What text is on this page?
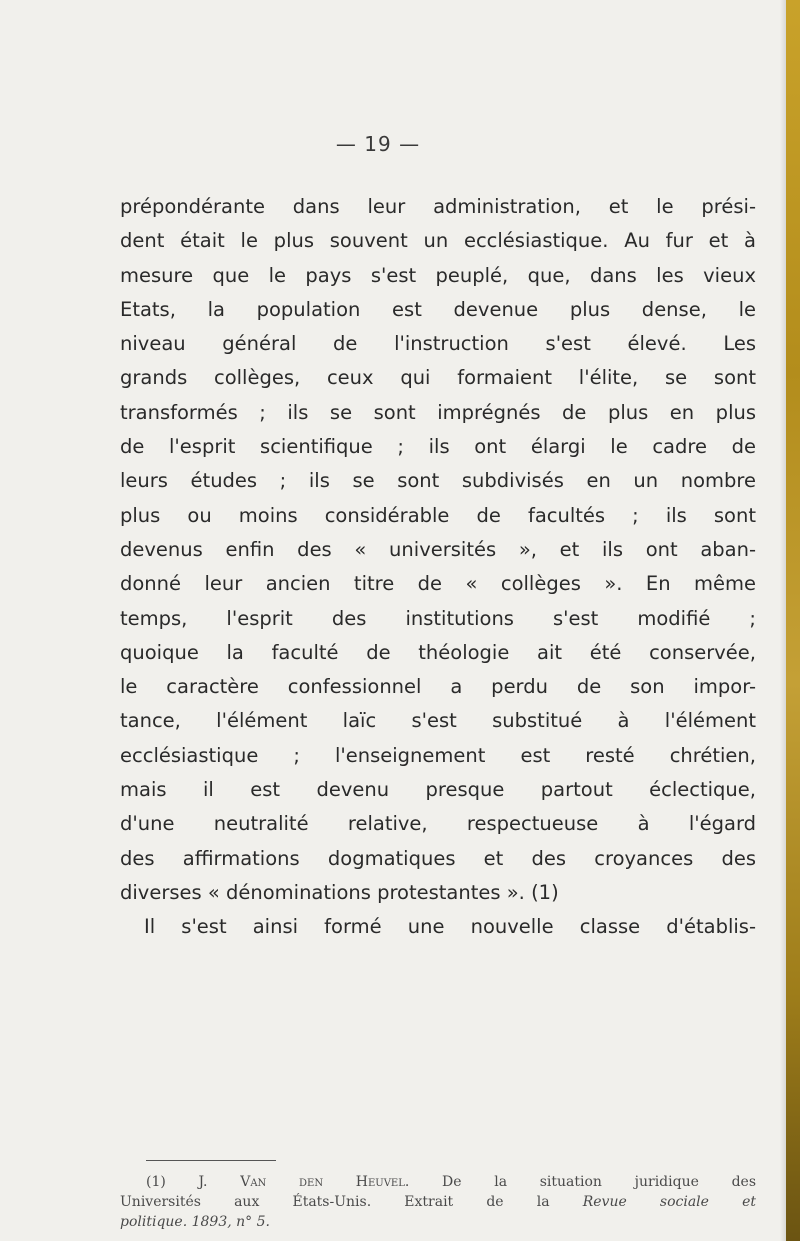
— 19 —
prépondérante dans leur administration, et le prési-
dent était le plus souvent un ecclésiastique. Au fur et à
mesure que le pays s'est peuplé, que, dans les vieux
Etats, la population est devenue plus dense, le
niveau général de l'instruction s'est élevé. Les
grands collèges, ceux qui formaient l'élite, se sont
transformés ; ils se sont imprégnés de plus en plus
de l'esprit scientifique ; ils ont élargi le cadre de
leurs études ; ils se sont subdivisés en un nombre
plus ou moins considérable de facultés ; ils sont
devenus enfin des « universités », et ils ont aban-
donné leur ancien titre de « collèges ». En même
temps, l'esprit des institutions s'est modifié ;
quoique la faculté de théologie ait été conservée,
le caractère confessionnel a perdu de son impor-
tance, l'élément laïc s'est substitué à l'élément
ecclésiastique ; l'enseignement est resté chrétien,
mais il est devenu presque partout éclectique,
d'une neutralité relative, respectueuse à l'égard
des affirmations dogmatiques et des croyances des
diverses « dénominations protestantes ». (1)
Il s'est ainsi formé une nouvelle classe d'établis-
(1) J. Van den Heuvel. De la situation juridique des
Universités aux États-Unis. Extrait de la Revue sociale et
politique. 1893, n° 5.
